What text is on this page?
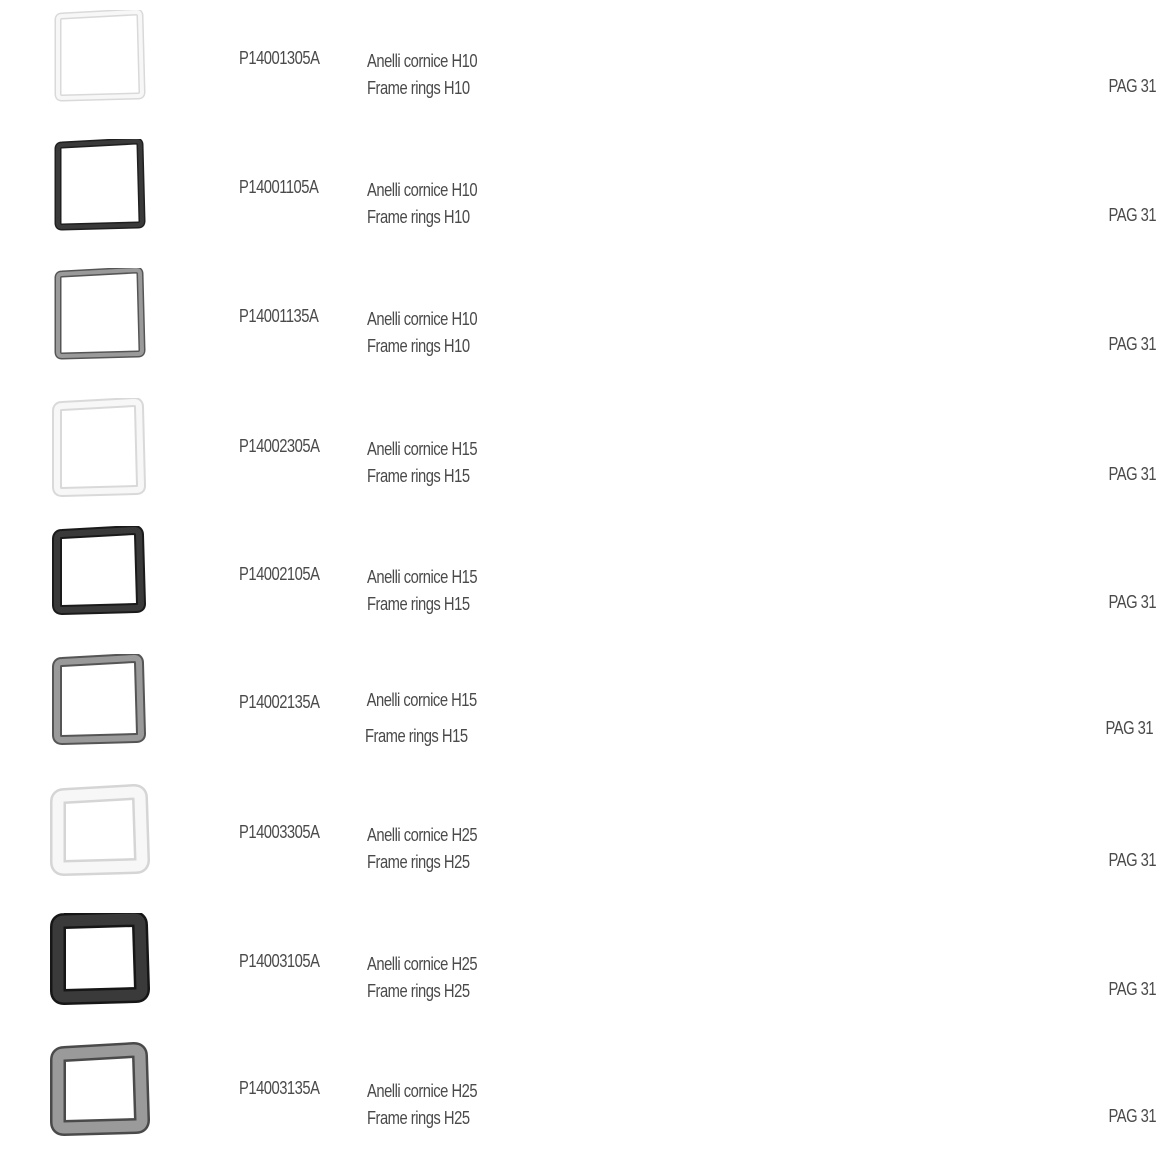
P14001305A	Anelli cornice H10
Frame rings H10	PAG 31
P14001105A	Anelli cornice H10
Frame rings H10	PAG 31
P14001135A	Anelli cornice H10
Frame rings H10	PAG 31
P14002305A	Anelli cornice H15
Frame rings H15	PAG 31
P14002105A	Anelli cornice H15
Frame rings H15	PAG 31
P14002135A	Anelli cornice H15
Frame rings H15	PAG 31
P14003305A	Anelli cornice H25
Frame rings H25	PAG 31
P14003105A	Anelli cornice H25
Frame rings H25	PAG 31
P14003135A	Anelli cornice H25
Frame rings H25	PAG 31
